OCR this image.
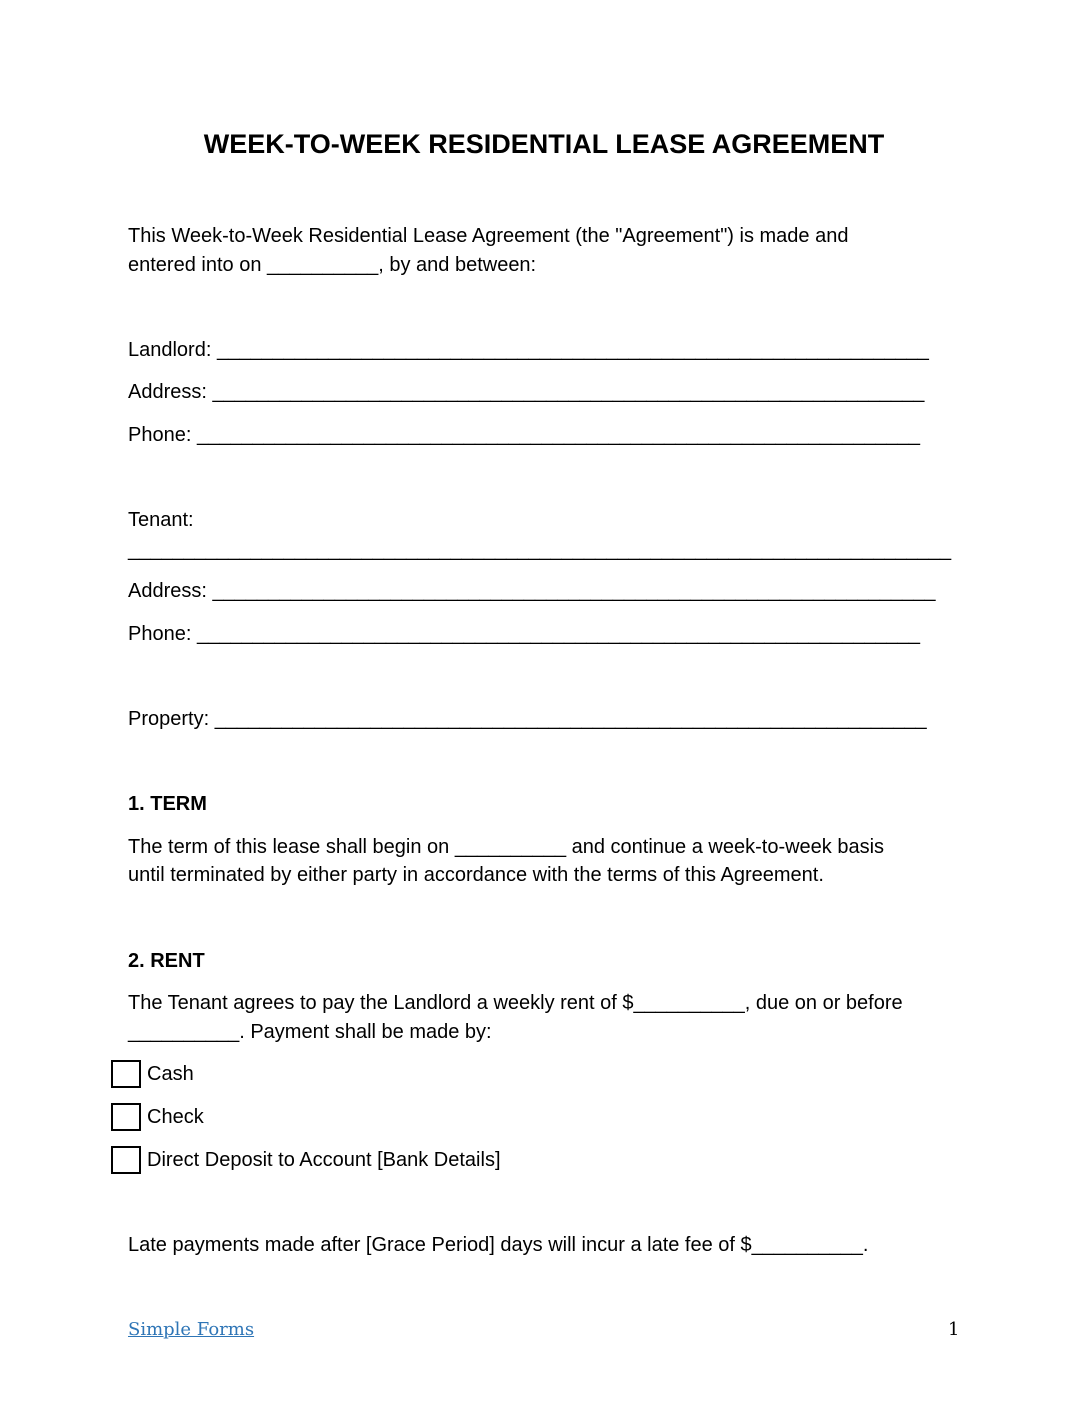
WEEK-TO-WEEK RESIDENTIAL LEASE AGREEMENT
This Week-to-Week Residential Lease Agreement (the "Agreement") is made and
entered into on __________, by and between:
Landlord: ________________________________________________________________
Address: ________________________________________________________________
Phone: _________________________________________________________________
Tenant:
__________________________________________________________________________
Address: _________________________________________________________________
Phone: _________________________________________________________________
Property: ________________________________________________________________
1. TERM
The term of this lease shall begin on __________ and continue a week-to-week basis
until terminated by either party in accordance with the terms of this Agreement.
2. RENT
The Tenant agrees to pay the Landlord a weekly rent of $__________, due on or before
__________. Payment shall be made by:
Cash
Check
Direct Deposit to Account [Bank Details]
Late payments made after [Grace Period] days will incur a late fee of $__________.
Simple Forms	1
